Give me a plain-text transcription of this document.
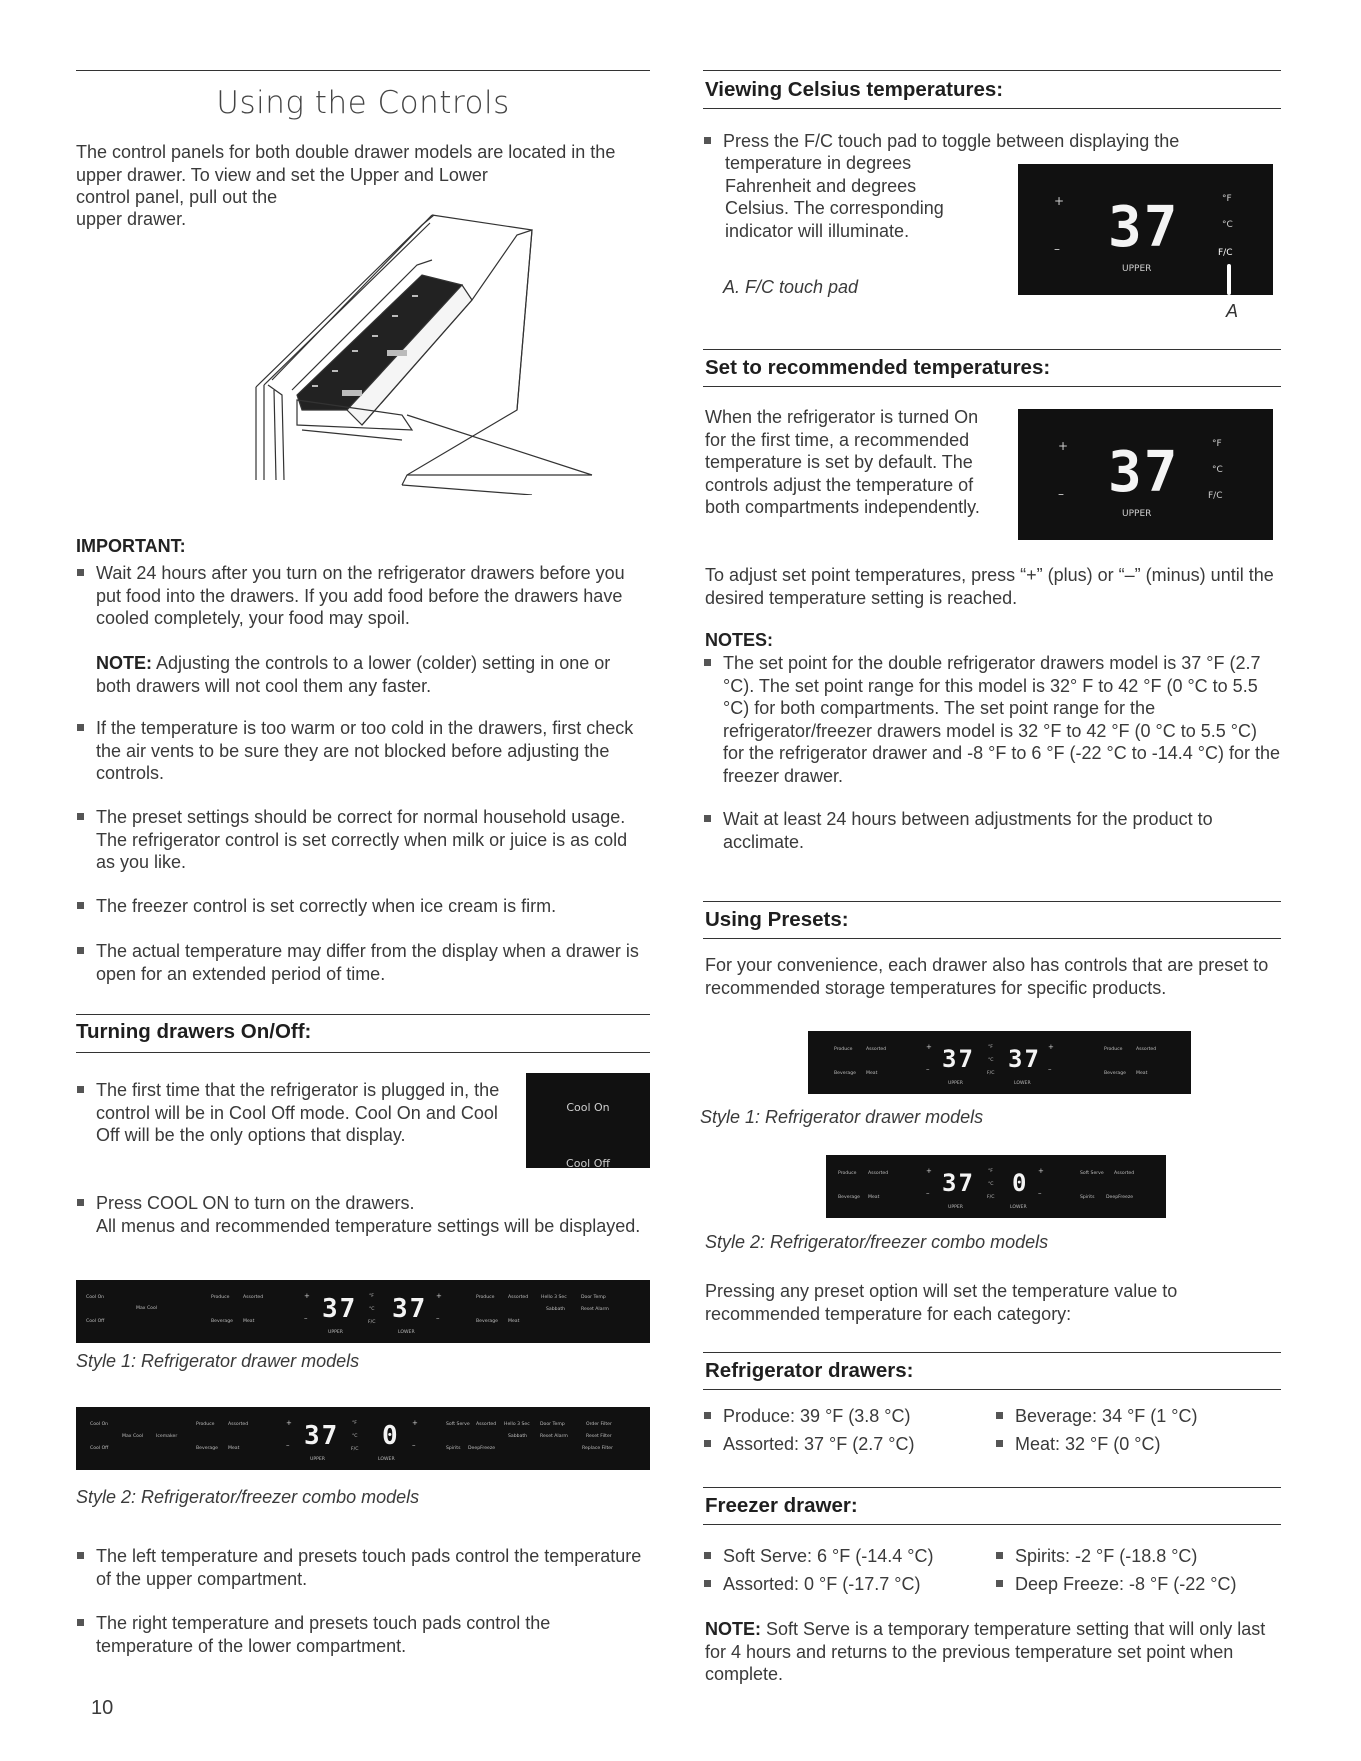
Using the Controls

The control panels for both double drawer models are located in the upper drawer. To view and set the Upper and Lower

control panel, pull out the

upper drawer.

IMPORTANT:
Wait 24 hours after you turn on the refrigerator drawers before you put food into the drawers. If you add food before the drawers have cooled completely, your food may spoil.
NOTE: Adjusting the controls to a lower (colder) setting in one or both drawers will not cool them any faster.
If the temperature is too warm or too cold in the drawers, first check the air vents to be sure they are not blocked before adjusting the controls.
The preset settings should be correct for normal household usage. The refrigerator control is set correctly when milk or juice is as cold as you like.
The freezer control is set correctly when ice cream is firm.
The actual temperature may differ from the display when a drawer is open for an extended period of time.
Turning drawers On/Off:
The first time that the refrigerator is plugged in, the control will be in Cool Off mode. Cool On and Cool Off will be the only options that display.
Cool On
Cool Off
Press COOL ON to turn on the drawers.
All menus and recommended temperature settings will be displayed.
Cool On
Max Cool
Cool Off
Produce	Assorted
Beverage Meat
+
– 37
UPPER
°F
°C
F/C 37
LOWER
+
–
Produce	Assorted
Beverage Meat
Hello 3 Sec
Sabbath
Door Temp
Reset Alarm
Style 1: Refrigerator drawer models
Cool On
Max Cool	Icemaker
Cool Off
Produce	Assorted
Beverage Meat
+
– 37
UPPER
°F
°C
F/C 0
LOWER
+
–
Soft Serve Assorted
Spirits DeepFreeze
Hello 3 Sec
Sabbath
Door Temp
Reset Alarm
Order Filter
Reset Filter
Replace Filter
Style 2: Refrigerator/freezer combo models
The left temperature and presets touch pads control the temperature of the upper compartment.
The right temperature and presets touch pads control the temperature of the lower compartment.
10
Viewing Celsius temperatures:
Press the F/C touch pad to toggle between displaying the

temperature in degrees Fahrenheit and degrees Celsius. The corresponding indicator will illuminate.

A. F/C touch pad
+
– 37
UPPER
°F
°C
F/C
A
Set to recommended temperatures:

When the refrigerator is turned On for the first time, a recommended temperature is set by default. The controls adjust the temperature of both compartments independently.

+
– 37
UPPER
°F
°C
F/C

To adjust set point temperatures, press “+” (plus) or “–” (minus) until the desired temperature setting is reached.

NOTES:
The set point for the double refrigerator drawers model is 37 °F (2.7 °C). The set point range for this model is 32° F to 42 °F (0 °C to 5.5 °C) for both compartments. The set point range for the refrigerator/freezer drawers model is 32 °F to 42 °F (0 °C to 5.5 °C) for the refrigerator drawer and -8 °F to 6 °F (-22 °C to -14.4 °C) for the freezer drawer.
Wait at least 24 hours between adjustments for the product to acclimate.
Using Presets:

For your convenience, each drawer also has controls that are preset to recommended storage temperatures for specific products.

Produce	Assorted
Beverage Meat
+
– 37
UPPER
°F
°C
F/C
37
LOWER
+
–
Produce	Assorted
Beverage Meat
Style 1: Refrigerator drawer models
Produce	Assorted
Beverage Meat
+
– 37
UPPER
°F
°C
F/C
0
LOWER
+
–
Soft Serve Assorted
Spirits	DeepFreeze
Style 2: Refrigerator/freezer combo models

Pressing any preset option will set the temperature value to recommended temperature for each category:

Refrigerator drawers:
Produce: 39 °F (3.8 °C)	Beverage: 34 °F (1 °C)
Assorted: 37 °F (2.7 °C)	Meat: 32 °F (0 °C)
Freezer drawer:
Soft Serve: 6 °F (-14.4 °C)	Spirits: -2 °F (-18.8 °C)
Assorted: 0 °F (-17.7 °C)	Deep Freeze: -8 °F (-22 °C)
NOTE: Soft Serve is a temporary temperature setting that will only last for 4 hours and returns to the previous temperature set point when complete.
